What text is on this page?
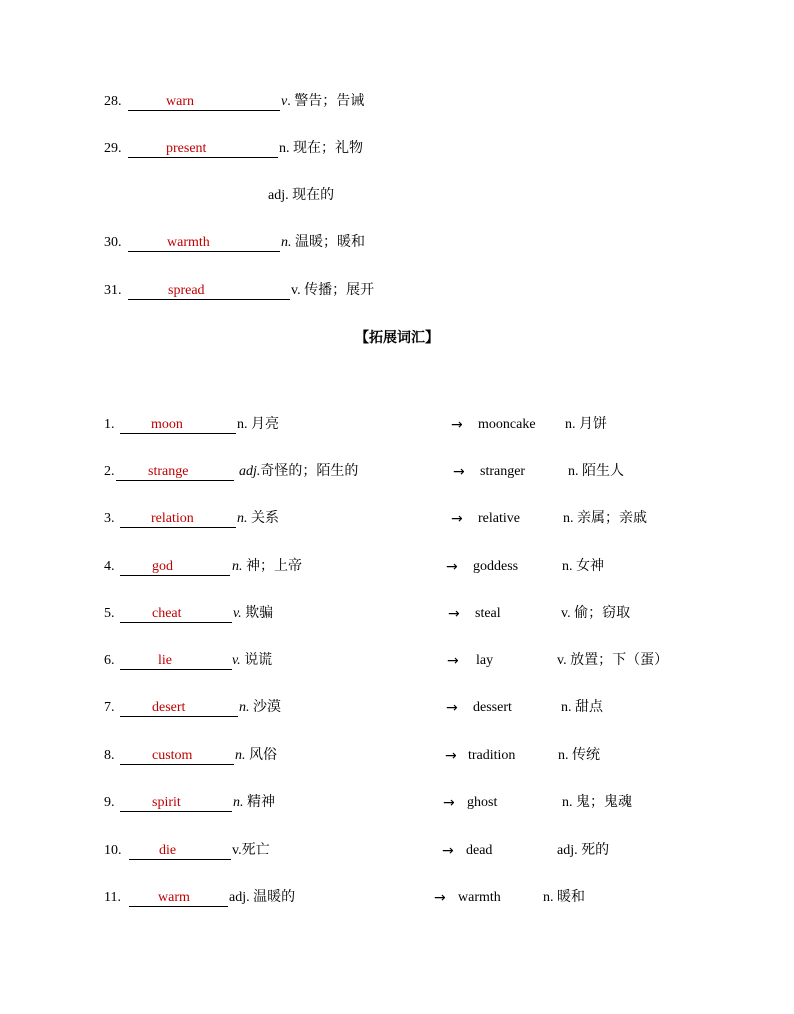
28.	warn	v. 警告；告诫
29.	present	n. 现在；礼物
adj. 现在的
30.	warmth	n. 温暖；暖和
31.	spread	v. 传播；展开
【拓展词汇】
1.	moon	n. 月亮	→ mooncake n. 月饼
2. strange	adj.奇怪的；陌生的	→ stranger	n. 陌生人
3.	relation	n. 关系	→ relative	n. 亲属；亲戚
4.	god	n. 神；上帝	→ goddess	n. 女神
5.	cheat	v. 欺骗	→ steal	v. 偷；窃取
6.	lie	v. 说谎	→ lay	v. 放置；下（蛋）
7.	desert	n. 沙漠	→ dessert	n. 甜点
8.	custom	n. 风俗	→ tradition	n. 传统
9.	spirit	n. 精神	→ ghost	n. 鬼；鬼魂
10.	die	v.死亡	→ dead	adj. 死的
11.	warm	adj. 温暖的	→ warmth	n. 暖和
